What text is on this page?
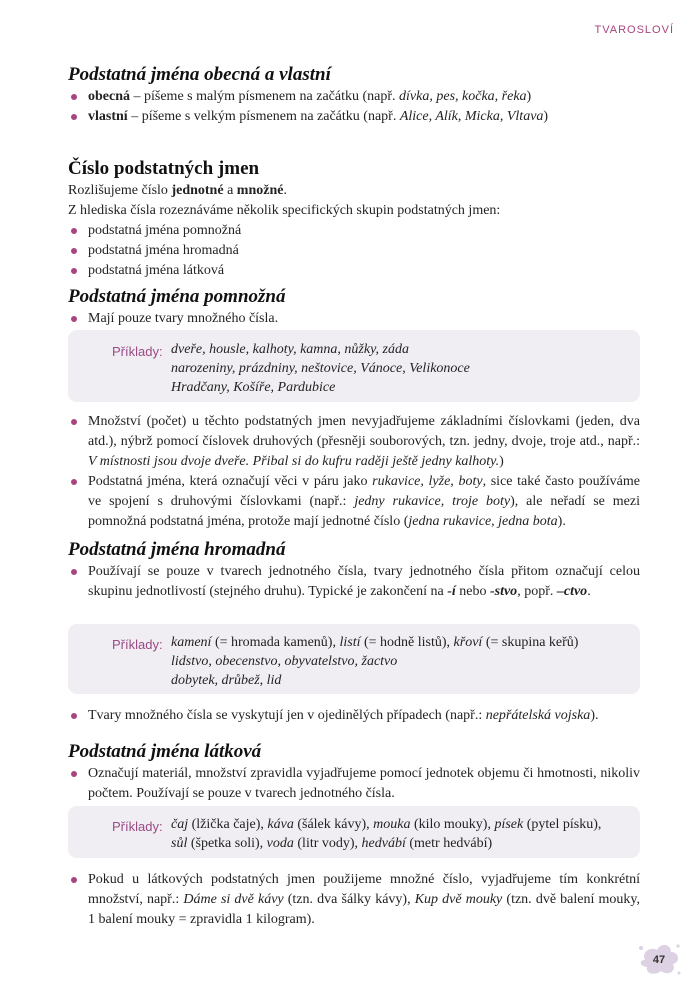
TVAROSLOVÍ
Podstatná jména obecná a vlastní
obecná – píšeme s malým písmenem na začátku (např. dívka, pes, kočka, řeka)
vlastní – píšeme s velkým písmenem na začátku (např. Alice, Alík, Micka, Vltava)
Číslo podstatných jmen

Rozlišujeme číslo jednotné a množné.

Z hlediska čísla rozeznáváme několik specifických skupin podstatných jmen:

podstatná jména pomnožná
podstatná jména hromadná
podstatná jména látková
Podstatná jména pomnožná
Mají pouze tvary množného čísla.
Příklady: dveře, housle, kalhoty, kamna, nůžky, záda
narozeniny, prázdniny, neštovice, Vánoce, Velikonoce
Hradčany, Košíře, Pardubice
Množství (počet) u těchto podstatných jmen nevyjadřujeme základními číslovkami (jeden, dva atd.), nýbrž pomocí číslovek druhových (přesněji souborových, tzn. jedny, dvoje, troje atd., např.: V místnosti jsou dvoje dveře. Přibal si do kufru raději ještě jedny kalhoty.)
Podstatná jména, která označují věci v páru jako rukavice, lyže, boty, sice také často používáme ve spojení s druhovými číslovkami (např.: jedny rukavice, troje boty), ale neřadí se mezi pomnožná podstatná jména, protože mají jednotné číslo (jedna rukavice, jedna bota).
Podstatná jména hromadná
Používají se pouze v tvarech jednotného čísla, tvary jednotného čísla přitom označují celou skupinu jednotlivostí (stejného druhu). Typické je zakončení na -í nebo -stvo, popř. –ctvo.
Příklady: kamení (= hromada kamenů), listí (= hodně listů), křoví (= skupina keřů)
lidstvo, obecenstvo, obyvatelstvo, žactvo
dobytek, drůbež, lid
Tvary množného čísla se vyskytují jen v ojedinělých případech (např.: nepřátelská vojska).
Podstatná jména látková
Označují materiál, množství zpravidla vyjadřujeme pomocí jednotek objemu či hmotnosti, nikoliv počtem. Používají se pouze v tvarech jednotného čísla.
Příklady: čaj (lžička čaje), káva (šálek kávy), mouka (kilo mouky), písek (pytel písku),
sůl (špetka soli), voda (litr vody), hedvábí (metr hedvábí)
Pokud u látkových podstatných jmen použijeme množné číslo, vyjadřujeme tím konkrétní množství, např.: Dáme si dvě kávy (tzn. dva šálky kávy), Kup dvě mouky (tzn. dvě balení mouky, 1 balení mouky = zpravidla 1 kilogram).
47
